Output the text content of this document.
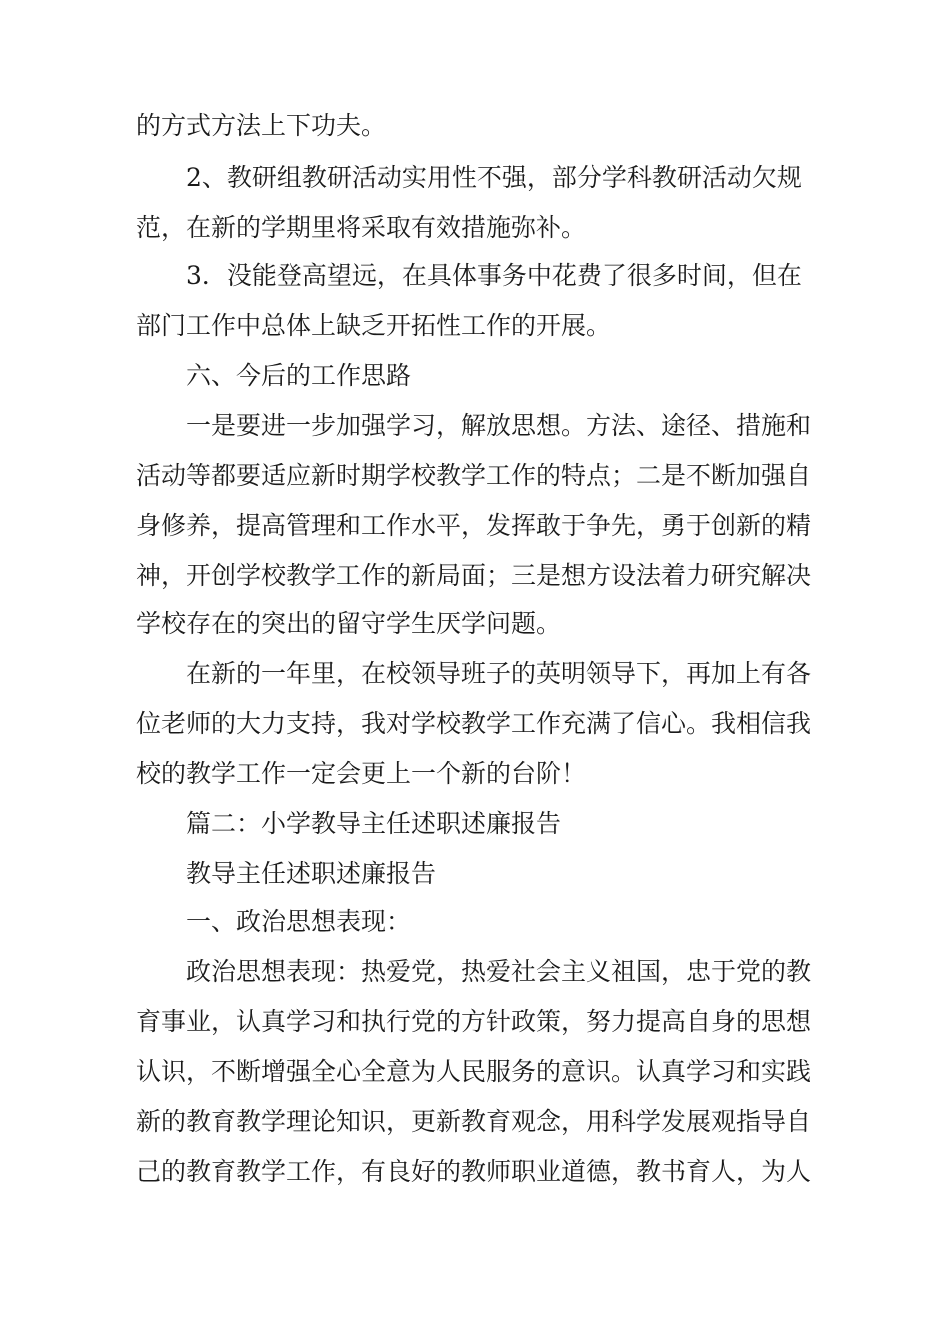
的方式方法上下功夫。
2、教研组教研活动实用性不强，部分学科教研活动欠规
范，在新的学期里将采取有效措施弥补。
3．没能登高望远，在具体事务中花费了很多时间，但在
部门工作中总体上缺乏开拓性工作的开展。
六、今后的工作思路
一是要进一步加强学习，解放思想。方法、途径、措施和
活动等都要适应新时期学校教学工作的特点；二是不断加强自
身修养，提高管理和工作水平，发挥敢于争先，勇于创新的精
神，开创学校教学工作的新局面；三是想方设法着力研究解决
学校存在的突出的留守学生厌学问题。
在新的一年里，在校领导班子的英明领导下，再加上有各
位老师的大力支持，我对学校教学工作充满了信心。我相信我
校的教学工作一定会更上一个新的台阶！
篇二：小学教导主任述职述廉报告
教导主任述职述廉报告
一、政治思想表现：
政治思想表现：热爱党，热爱社会主义祖国，忠于党的教
育事业，认真学习和执行党的方针政策，努力提高自身的思想
认识，不断增强全心全意为人民服务的意识。认真学习和实践
新的教育教学理论知识，更新教育观念，用科学发展观指导自
己的教育教学工作，有良好的教师职业道德，教书育人，为人
